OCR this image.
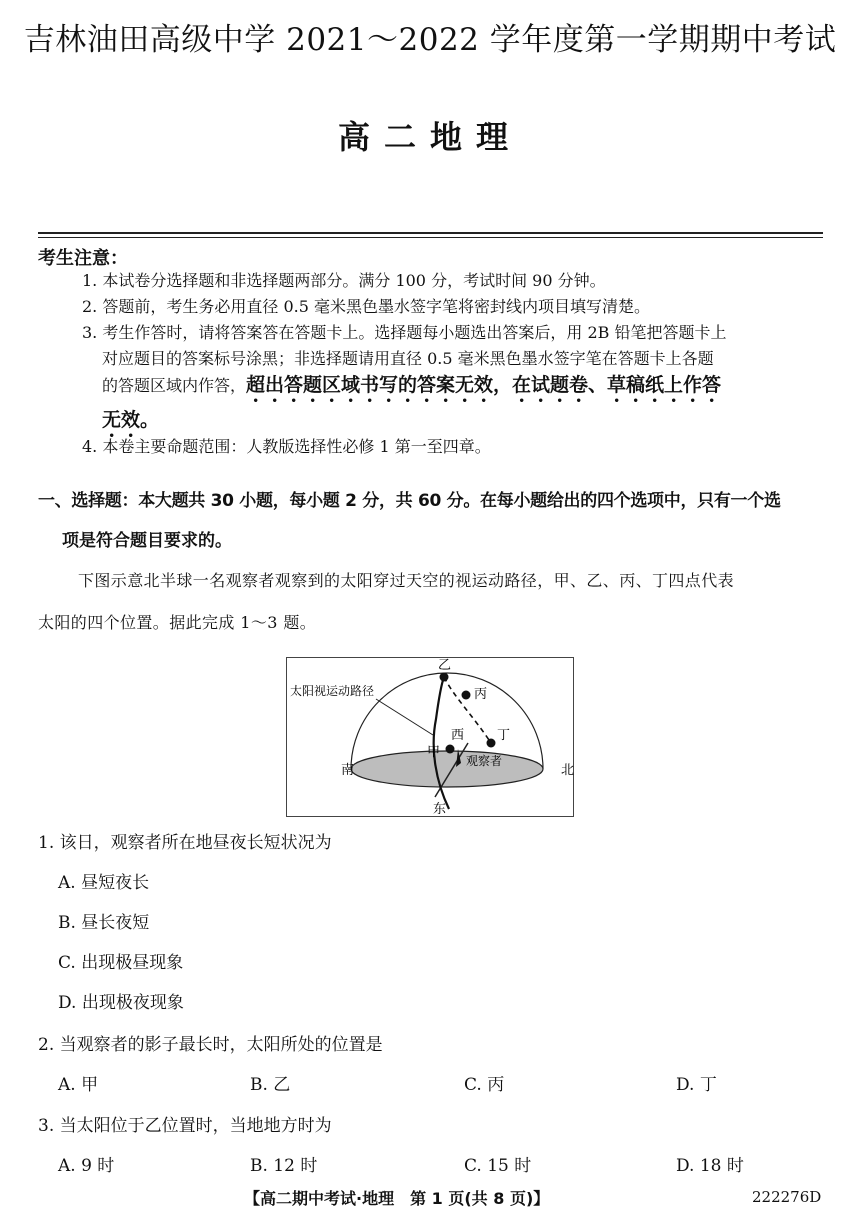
吉林油田高级中学 2021～2022 学年度第一学期期中考试
高二地理
考生注意：
1. 本试卷分选择题和非选择题两部分。满分 100 分，考试时间 90 分钟。
2. 答题前，考生务必用直径 0.5 毫米黑色墨水签字笔将密封线内项目填写清楚。
3. 考生作答时，请将答案答在答题卡上。选择题每小题选出答案后，用 2B 铅笔把答题卡上
对应题目的答案标号涂黑；非选择题请用直径 0.5 毫米黑色墨水签字笔在答题卡上各题
的答题区域内作答，超出答题区域书写的答案无效，在试题卷、草稿纸上作答
无效。
4. 本卷主要命题范围：人教版选择性必修 1 第一至四章。
一、选择题：本大题共 30 小题，每小题 2 分，共 60 分。在每小题给出的四个选项中，只有一个选
项是符合题目要求的。
下图示意北半球一名观察者观察到的太阳穿过天空的视运动路径，甲、乙、丙、丁四点代表
太阳的四个位置。据此完成 1～3 题。
太阳视运动路径
乙
丙
丁
西
甲
观察者
南	北
东
1. 该日，观察者所在地昼夜长短状况为
A. 昼短夜长
B. 昼长夜短
C. 出现极昼现象
D. 出现极夜现象
2. 当观察者的影子最长时，太阳所处的位置是
A. 甲	B. 乙	C. 丙	D. 丁
3. 当太阳位于乙位置时，当地地方时为
A. 9 时	B. 12 时	C. 15 时	D. 18 时
【高二期中考试·地理　第 1 页(共 8 页)】	222276D
